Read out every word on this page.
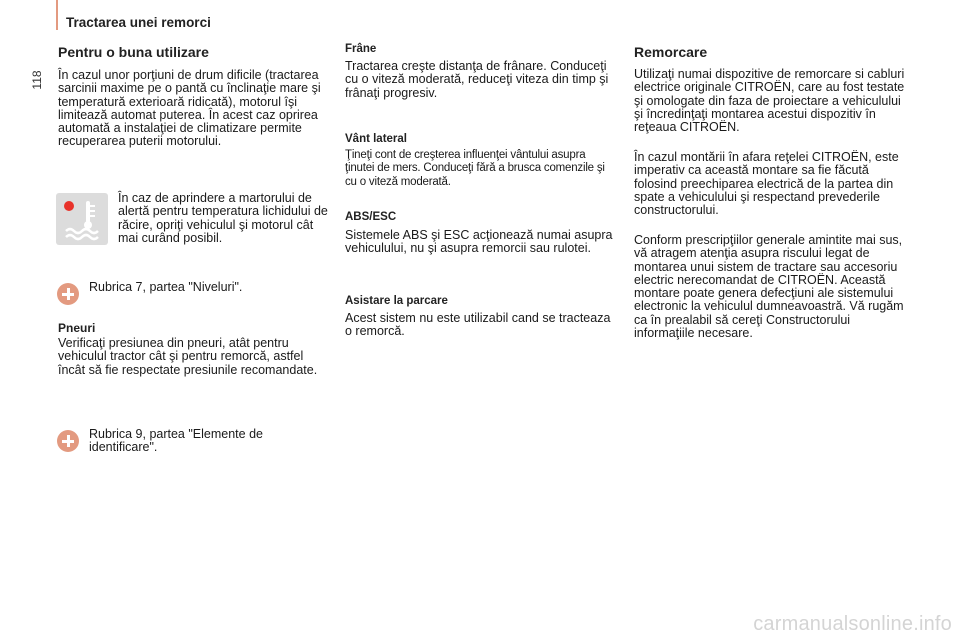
Tractarea unei remorci
118
Pentru o buna utilizare

În cazul unor porţiuni de drum dificile (tractarea sarcinii maxime pe o pantă cu înclinaţie mare şi temperatură exterioară ridicată), motorul îşi limitează automat puterea. În acest caz oprirea automată a instalaţiei de climatizare permite recuperarea puterii motorului.

În caz de aprindere a martorului de alertă pentru temperatura lichidului de răcire, opriţi vehiculul şi motorul cât mai curând posibil.

Rubrica 7, partea "Niveluri".

Pneuri

Verificaţi presiunea din pneuri, atât pentru vehiculul tractor cât şi pentru remorcă, astfel încât să fie respectate presiunile recomandate.

Rubrica 9, partea "Elemente de identificare".

Frâne

Tractarea creşte distanţa de frânare. Conduceţi cu o viteză moderată, reduceţi viteza din timp şi frânaţi progresiv.

Vânt lateral

Ţineţi cont de creşterea influenţei vântului asupra ţinutei de mers. Conduceţi fără a brusca comenzile şi cu o viteză moderată.

ABS/ESC

Sistemele ABS şi ESC acţionează numai asupra vehiculului, nu şi asupra remorcii sau rulotei.

Asistare la parcare

Acest sistem nu este utilizabil cand se tracteaza o remorcă.

Remorcare

Utilizaţi numai dispozitive de remorcare si cabluri electrice originale CITROËN, care au fost testate şi omologate din faza de proiectare a vehiculului şi încredinţaţi montarea acestui dispozitiv în reţeaua CITROËN.

În cazul montării în afara reţelei CITROËN, este imperativ ca această montare sa fie făcută folosind preechiparea electrică de la partea din spate a vehiculului şi respectand prevederile constructorului.

Conform prescripţiilor generale amintite mai sus, vă atragem atenţia asupra riscului legat de montarea unui sistem de tractare sau accesoriu electric nerecomandat de CITROËN. Această montare poate genera defecţiuni ale sistemului electronic la vehiculul dumneavoastră. Vă rugăm ca în prealabil să cereţi Constructorului informaţiile necesare.

carmanualsonline.info
